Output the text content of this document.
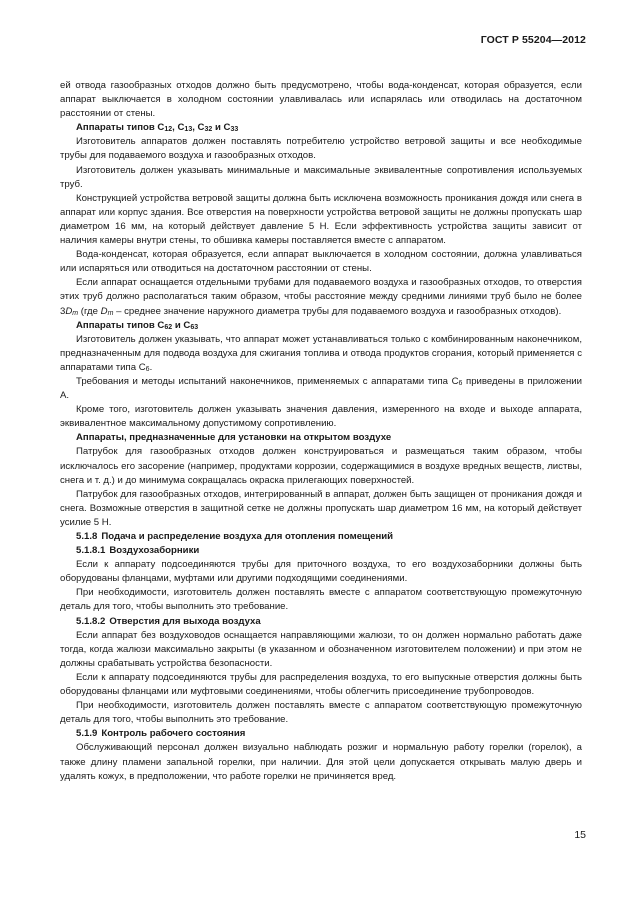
ГОСТ Р 55204—2012

ей отвода газообразных отходов должно быть предусмотрено, чтобы вода-конденсат, которая образуется, если аппарат выключается в холодном состоянии улавливалась или испарялась или отводилась на достаточном расстоянии от стены.

Аппараты типов $C_{12}$, $C_{13}$, $C_{32}$ и $C_{33}$

Изготовитель аппаратов должен поставлять потребителю устройство ветровой защиты и все необходимые трубы для подаваемого воздуха и газообразных отходов.

Изготовитель должен указывать минимальные и максимальные эквивалентные сопротивления используемых труб.

Конструкцией устройства ветровой защиты должна быть исключена возможность проникания дождя или снега в аппарат или корпус здания. Все отверстия на поверхности устройства ветровой защиты не должны пропускать шар диаметром 16 мм, на который действует давление 5 Н. Если эффективность устройства защиты зависит от наличия камеры внутри стены, то обшивка камеры поставляется вместе с аппаратом.

Вода-конденсат, которая образуется, если аппарат выключается в холодном состоянии, должна улавливаться или испаряться или отводиться на достаточном расстоянии от стены.

Если аппарат оснащается отдельными трубами для подаваемого воздуха и газообразных отходов, то отверстия этих труб должно располагаться таким образом, чтобы расстояние между средними линиями труб было не более $3D_m$ (где $D_m$ – среднее значение наружного диаметра трубы для подаваемого воздуха и газообразных отходов).

Аппараты типов $C_{62}$ и $C_{63}$

Изготовитель должен указывать, что аппарат может устанавливаться только с комбинированным наконечником, предназначенным для подвода воздуха для сжигания топлива и отвода продуктов сгорания, который применяется с аппаратами типа $C_6$.

Требования и методы испытаний наконечников, применяемых с аппаратами типа $C_6$ приведены в приложении А.

Кроме того, изготовитель должен указывать значения давления, измеренного на входе и выходе аппарата, эквивалентное максимальному допустимому сопротивлению.

Аппараты, предназначенные для установки на открытом воздухе

Патрубок для газообразных отходов должен конструироваться и размещаться таким образом, чтобы исключалось его засорение (например, продуктами коррозии, содержащимися в воздухе вредных веществ, листвы, снега и т. д.) и до минимума сокращалась окраска прилегающих поверхностей.

Патрубок для газообразных отходов, интегрированный в аппарат, должен быть защищен от проникания дождя и снега. Возможные отверстия в защитной сетке не должны пропускать шар диаметром 16 мм, на который действует усилие 5 Н.

5.1.8 Подача и распределение воздуха для отопления помещений
5.1.8.1 Воздухозаборники

Если к аппарату подсоединяются трубы для приточного воздуха, то его воздухозаборники должны быть оборудованы фланцами, муфтами или другими подходящими соединениями.

При необходимости, изготовитель должен поставлять вместе с аппаратом соответствующую промежуточную деталь для того, чтобы выполнить это требование.

5.1.8.2 Отверстия для выхода воздуха

Если аппарат без воздуховодов оснащается направляющими жалюзи, то он должен нормально работать даже тогда, когда жалюзи максимально закрыты (в указанном и обозначенном изготовителем положении) и при этом не должны срабатывать устройства безопасности.

Если к аппарату подсоединяются трубы для распределения воздуха, то его выпускные отверстия должны быть оборудованы фланцами или муфтовыми соединениями, чтобы облегчить присоединение трубопроводов.

При необходимости, изготовитель должен поставлять вместе с аппаратом соответствующую промежуточную деталь для того, чтобы выполнить это требование.

5.1.9 Контроль рабочего состояния

Обслуживающий персонал должен визуально наблюдать розжиг и нормальную работу горелки (горелок), а также длину пламени запальной горелки, при наличии. Для этой цели допускается открывать малую дверь и удалять кожух, в предположении, что работе горелки не причиняется вред.

15
